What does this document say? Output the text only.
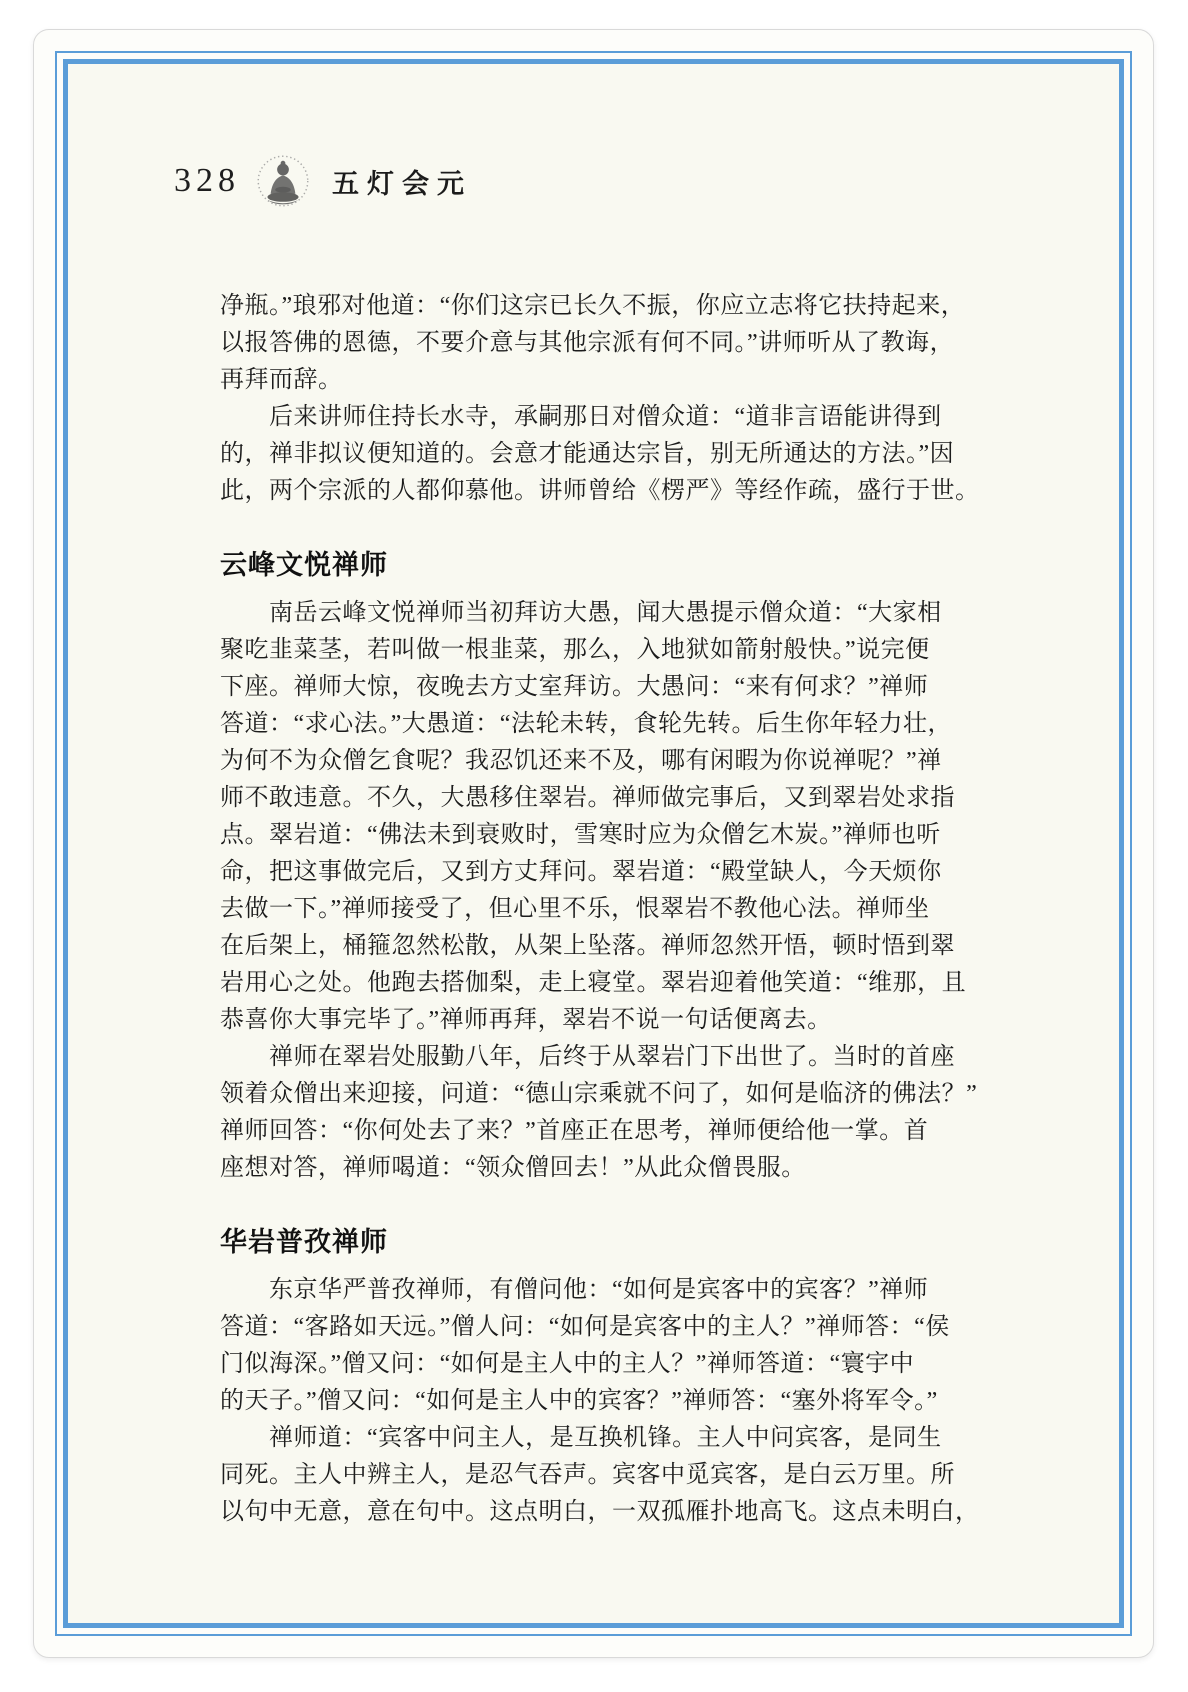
328	五灯会元
净瓶。”琅邪对他道：“你们这宗已长久不振，你应立志将它扶持起来，
以报答佛的恩德，不要介意与其他宗派有何不同。”讲师听从了教诲，
再拜而辞。
　　后来讲师住持长水寺，承嗣那日对僧众道：“道非言语能讲得到
的，禅非拟议便知道的。会意才能通达宗旨，别无所通达的方法。”因
此，两个宗派的人都仰慕他。讲师曾给《楞严》等经作疏，盛行于世。
云峰文悦禅师
　　南岳云峰文悦禅师当初拜访大愚，闻大愚提示僧众道：“大家相
聚吃韭菜茎，若叫做一根韭菜，那么，入地狱如箭射般快。”说完便
下座。禅师大惊，夜晚去方丈室拜访。大愚问：“来有何求？”禅师
答道：“求心法。”大愚道：“法轮未转，食轮先转。后生你年轻力壮，
为何不为众僧乞食呢？我忍饥还来不及，哪有闲暇为你说禅呢？”禅
师不敢违意。不久，大愚移住翠岩。禅师做完事后，又到翠岩处求指
点。翠岩道：“佛法未到衰败时，雪寒时应为众僧乞木炭。”禅师也听
命，把这事做完后，又到方丈拜问。翠岩道：“殿堂缺人，今天烦你
去做一下。”禅师接受了，但心里不乐，恨翠岩不教他心法。禅师坐
在后架上，桶箍忽然松散，从架上坠落。禅师忽然开悟，顿时悟到翠
岩用心之处。他跑去搭伽梨，走上寝堂。翠岩迎着他笑道：“维那，且
恭喜你大事完毕了。”禅师再拜，翠岩不说一句话便离去。
　　禅师在翠岩处服勤八年，后终于从翠岩门下出世了。当时的首座
领着众僧出来迎接，问道：“德山宗乘就不问了，如何是临济的佛法？”
禅师回答：“你何处去了来？”首座正在思考，禅师便给他一掌。首
座想对答，禅师喝道：“领众僧回去！”从此众僧畏服。
华岩普孜禅师
　　东京华严普孜禅师，有僧问他：“如何是宾客中的宾客？”禅师
答道：“客路如天远。”僧人问：“如何是宾客中的主人？”禅师答：“侯
门似海深。”僧又问：“如何是主人中的主人？”禅师答道：“寰宇中
的天子。”僧又问：“如何是主人中的宾客？”禅师答：“塞外将军令。”
　　禅师道：“宾客中问主人，是互换机锋。主人中问宾客，是同生
同死。主人中辨主人，是忍气吞声。宾客中觅宾客，是白云万里。所
以句中无意，意在句中。这点明白，一双孤雁扑地高飞。这点未明白，
